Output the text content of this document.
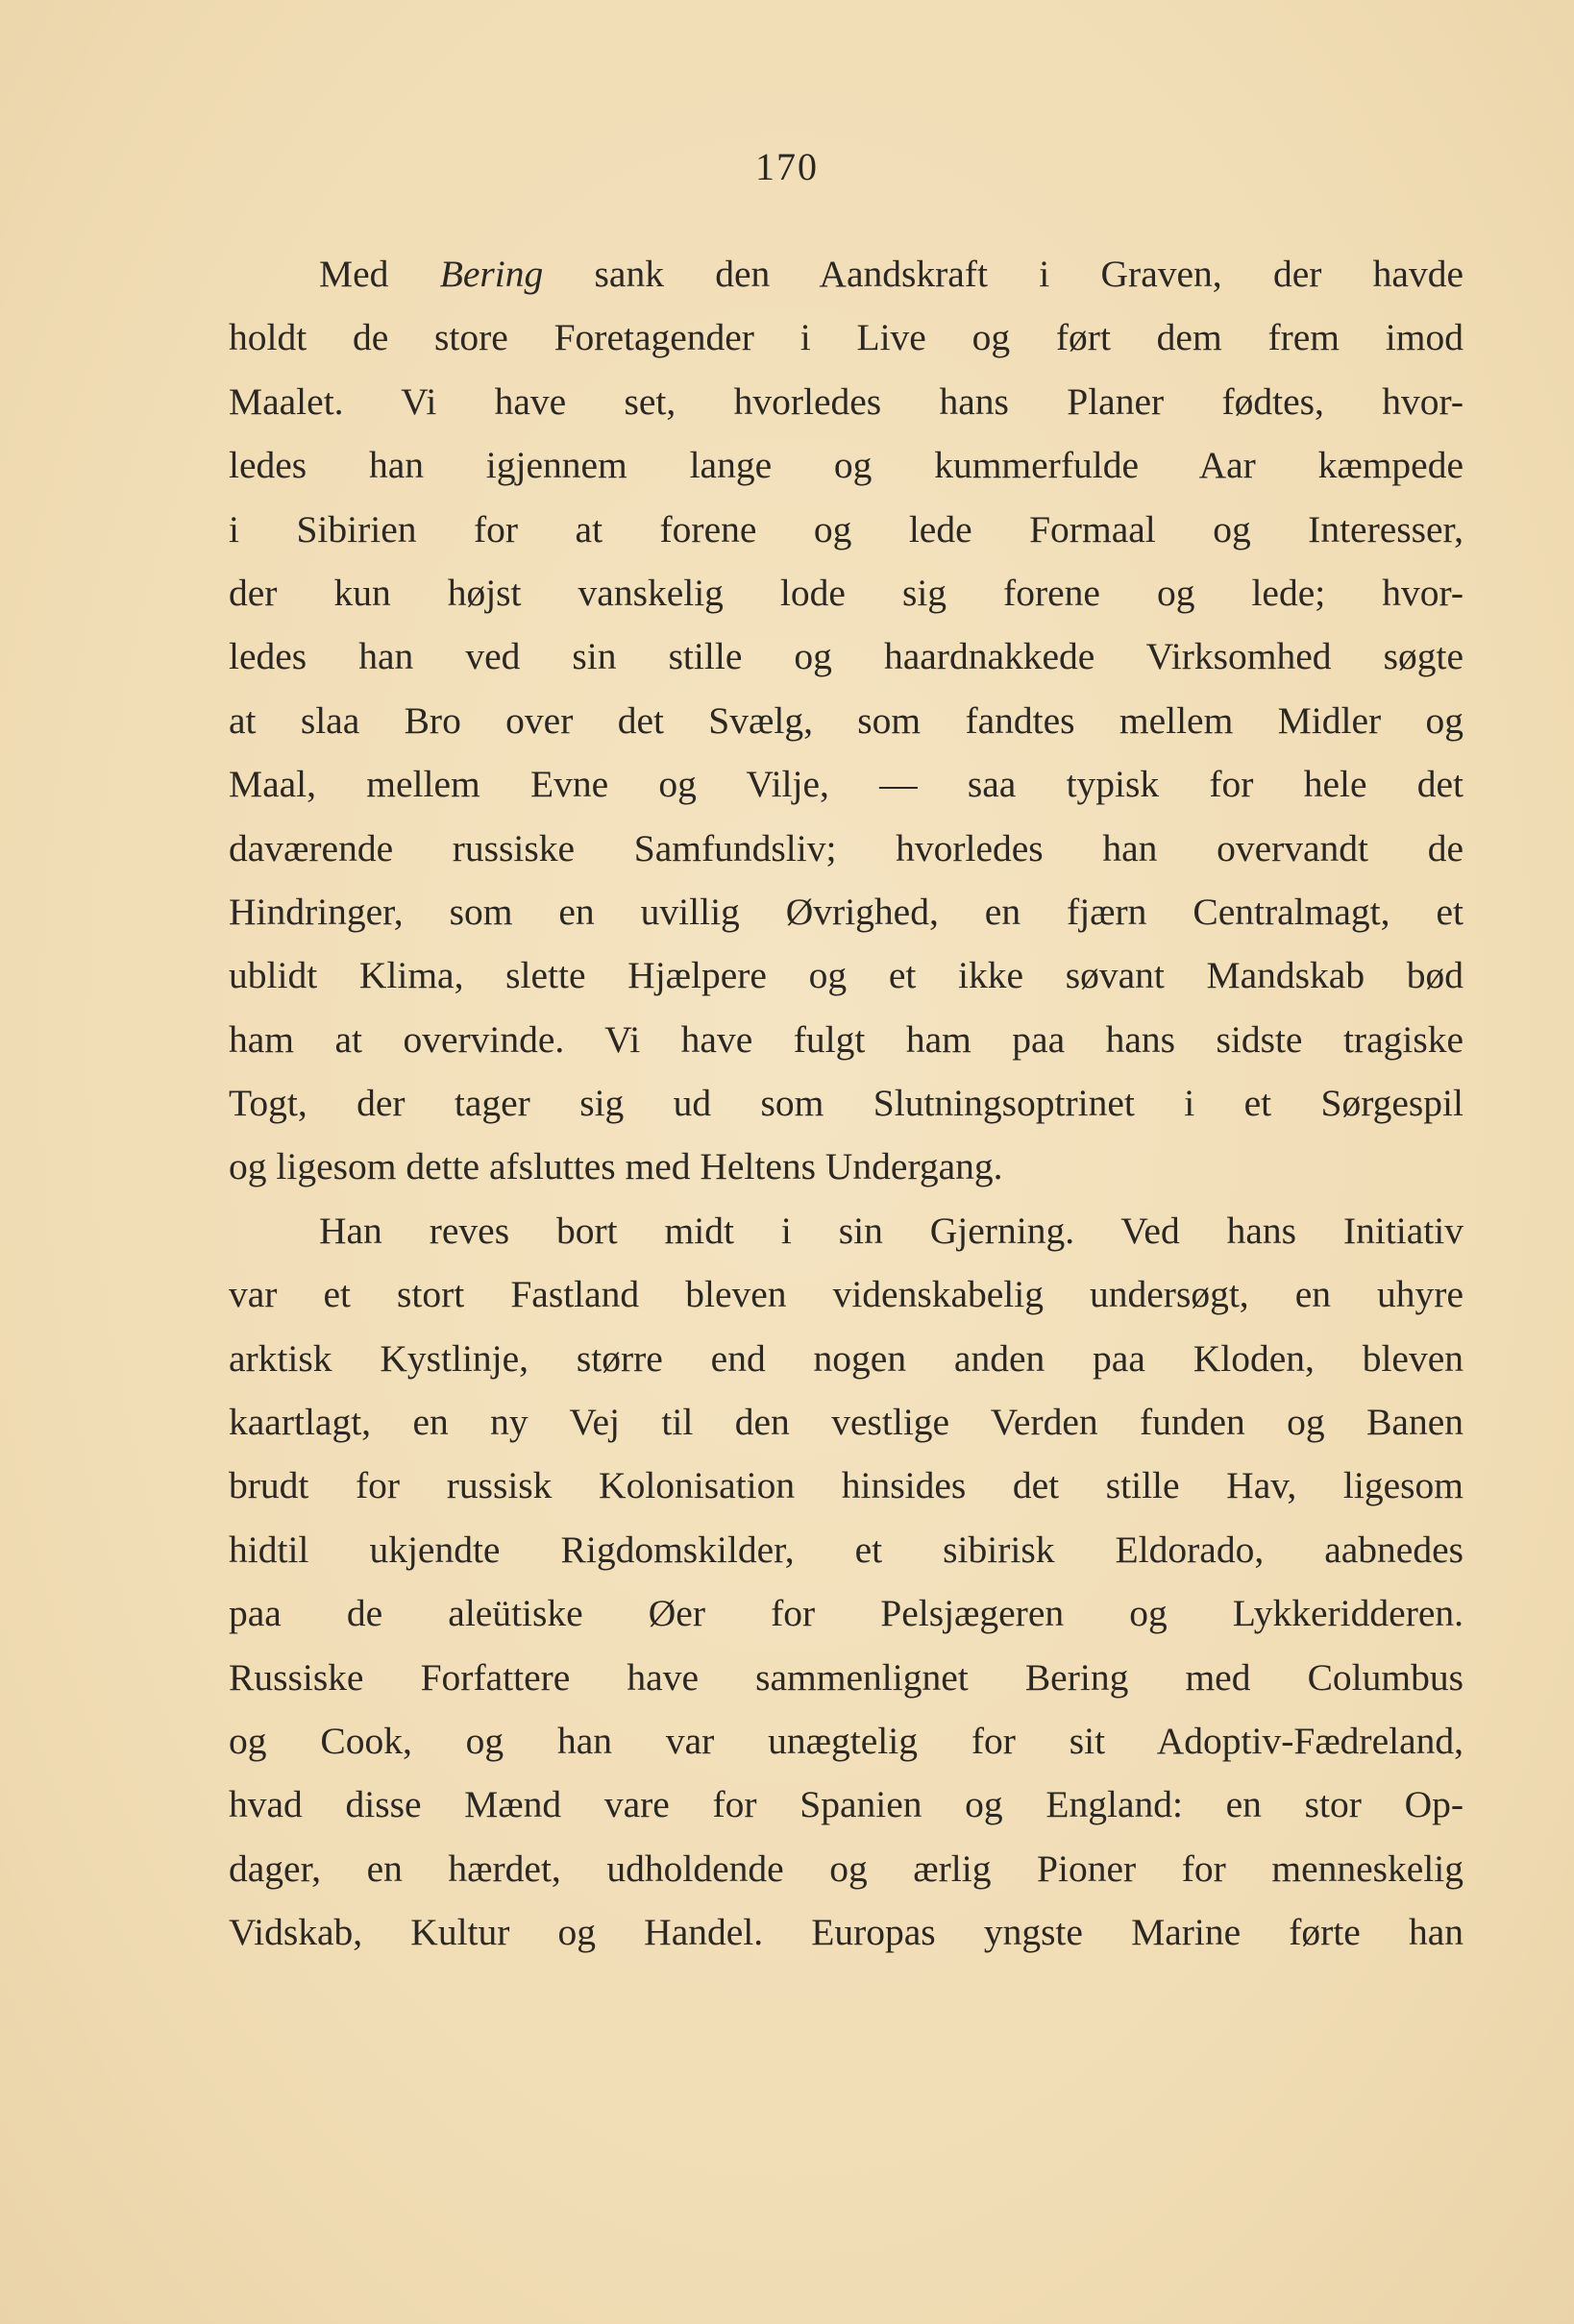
170
Med Bering sank den Aandskraft i Graven, der havde
holdt de store Foretagender i Live og ført dem frem imod
Maalet. Vi have set, hvorledes hans Planer fødtes, hvor-
ledes han igjennem lange og kummerfulde Aar kæmpede
i Sibirien for at forene og lede Formaal og Interesser,
der kun højst vanskelig lode sig forene og lede; hvor-
ledes han ved sin stille og haardnakkede Virksomhed søgte
at slaa Bro over det Svælg, som fandtes mellem Midler og
Maal, mellem Evne og Vilje, — saa typisk for hele det
daværende russiske Samfundsliv; hvorledes han overvandt de
Hindringer, som en uvillig Øvrighed, en fjærn Centralmagt, et
ublidt Klima, slette Hjælpere og et ikke søvant Mandskab bød
ham at overvinde. Vi have fulgt ham paa hans sidste tragiske
Togt, der tager sig ud som Slutningsoptrinet i et Sørgespil
og ligesom dette afsluttes med Heltens Undergang.
Han reves bort midt i sin Gjerning. Ved hans Initiativ
var et stort Fastland bleven videnskabelig undersøgt, en uhyre
arktisk Kystlinje, større end nogen anden paa Kloden, bleven
kaartlagt, en ny Vej til den vestlige Verden funden og Banen
brudt for russisk Kolonisation hinsides det stille Hav, ligesom
hidtil ukjendte Rigdomskilder, et sibirisk Eldorado, aabnedes
paa de aleütiske Øer for Pelsjægeren og Lykkeridderen.
Russiske Forfattere have sammenlignet Bering med Columbus
og Cook, og han var unægtelig for sit Adoptiv-Fædreland,
hvad disse Mænd vare for Spanien og England: en stor Op-
dager, en hærdet, udholdende og ærlig Pioner for menneskelig
Vidskab, Kultur og Handel. Europas yngste Marine førte han
